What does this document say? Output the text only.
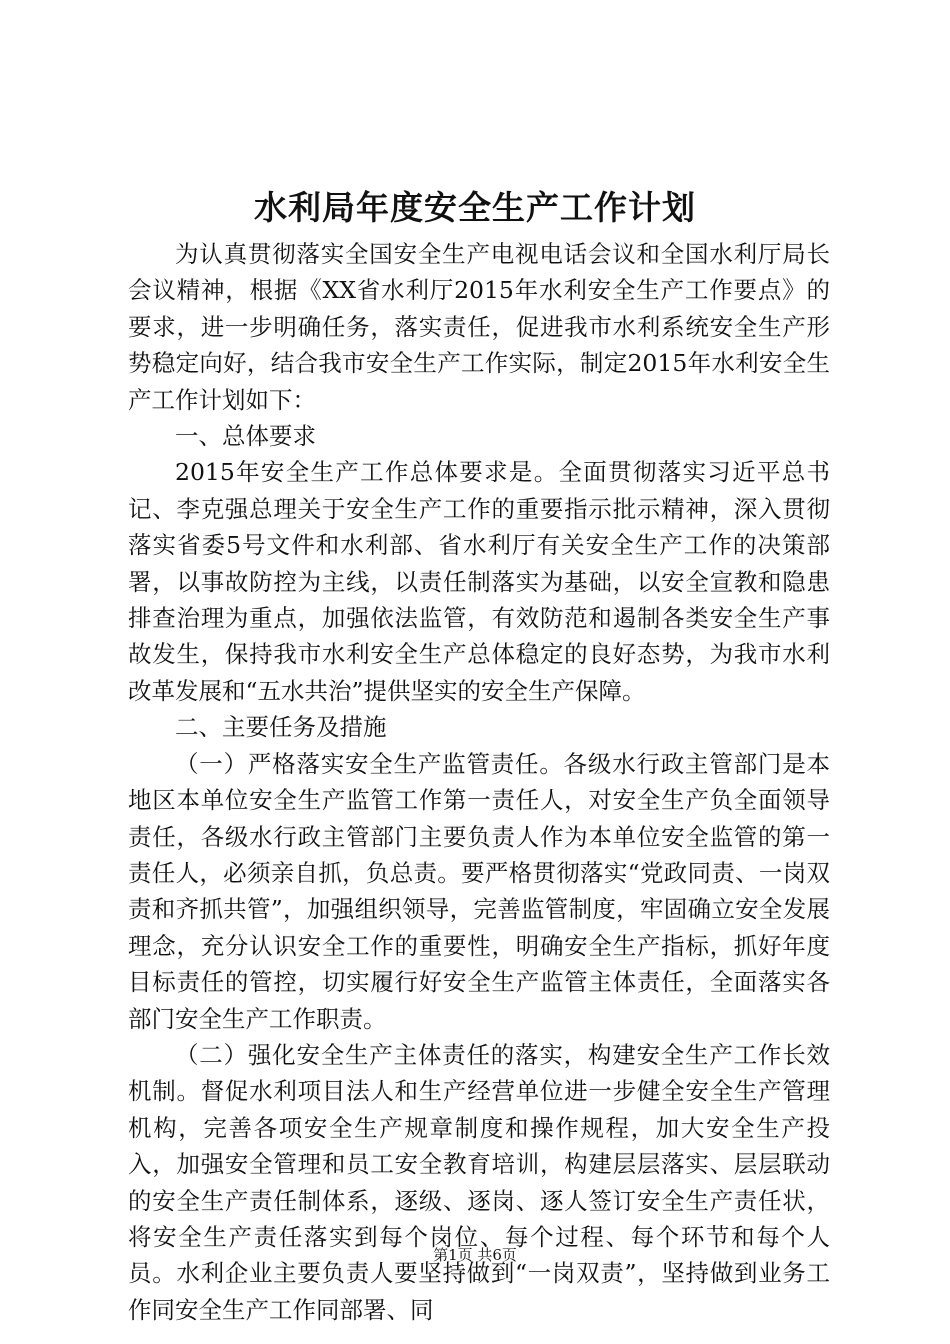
水利局年度安全生产工作计划

为认真贯彻落实全国安全生产电视电话会议和全国水利厅局长会议精神，根据《XX省水利厅2015年水利安全生产工作要点》的要求，进一步明确任务，落实责任，促进我市水利系统安全生产形势稳定向好，结合我市安全生产工作实际，制定2015年水利安全生产工作计划如下：

一、总体要求

2015年安全生产工作总体要求是。全面贯彻落实习近平总书记、李克强总理关于安全生产工作的重要指示批示精神，深入贯彻落实省委5号文件和水利部、省水利厅有关安全生产工作的决策部署，以事故防控为主线，以责任制落实为基础，以安全宣教和隐患排查治理为重点，加强依法监管，有效防范和遏制各类安全生产事故发生，保持我市水利安全生产总体稳定的良好态势，为我市水利改革发展和“五水共治”提供坚实的安全生产保障。

二、主要任务及措施

（一）严格落实安全生产监管责任。各级水行政主管部门是本地区本单位安全生产监管工作第一责任人，对安全生产负全面领导责任，各级水行政主管部门主要负责人作为本单位安全监管的第一责任人，必须亲自抓，负总责。要严格贯彻落实“党政同责、一岗双责和齐抓共管”，加强组织领导，完善监管制度，牢固确立安全发展理念，充分认识安全工作的重要性，明确安全生产指标，抓好年度目标责任的管控，切实履行好安全生产监管主体责任，全面落实各部门安全生产工作职责。

（二）强化安全生产主体责任的落实，构建安全生产工作长效机制。督促水利项目法人和生产经营单位进一步健全安全生产管理机构，完善各项安全生产规章制度和操作规程，加大安全生产投入，加强安全管理和员工安全教育培训，构建层层落实、层层联动的安全生产责任制体系，逐级、逐岗、逐人签订安全生产责任状，将安全生产责任落实到每个岗位、每个过程、每个环节和每个人员。水利企业主要负责人要坚持做到“一岗双责”，坚持做到业务工作同安全生产工作同部署、同

第1页 共6页
